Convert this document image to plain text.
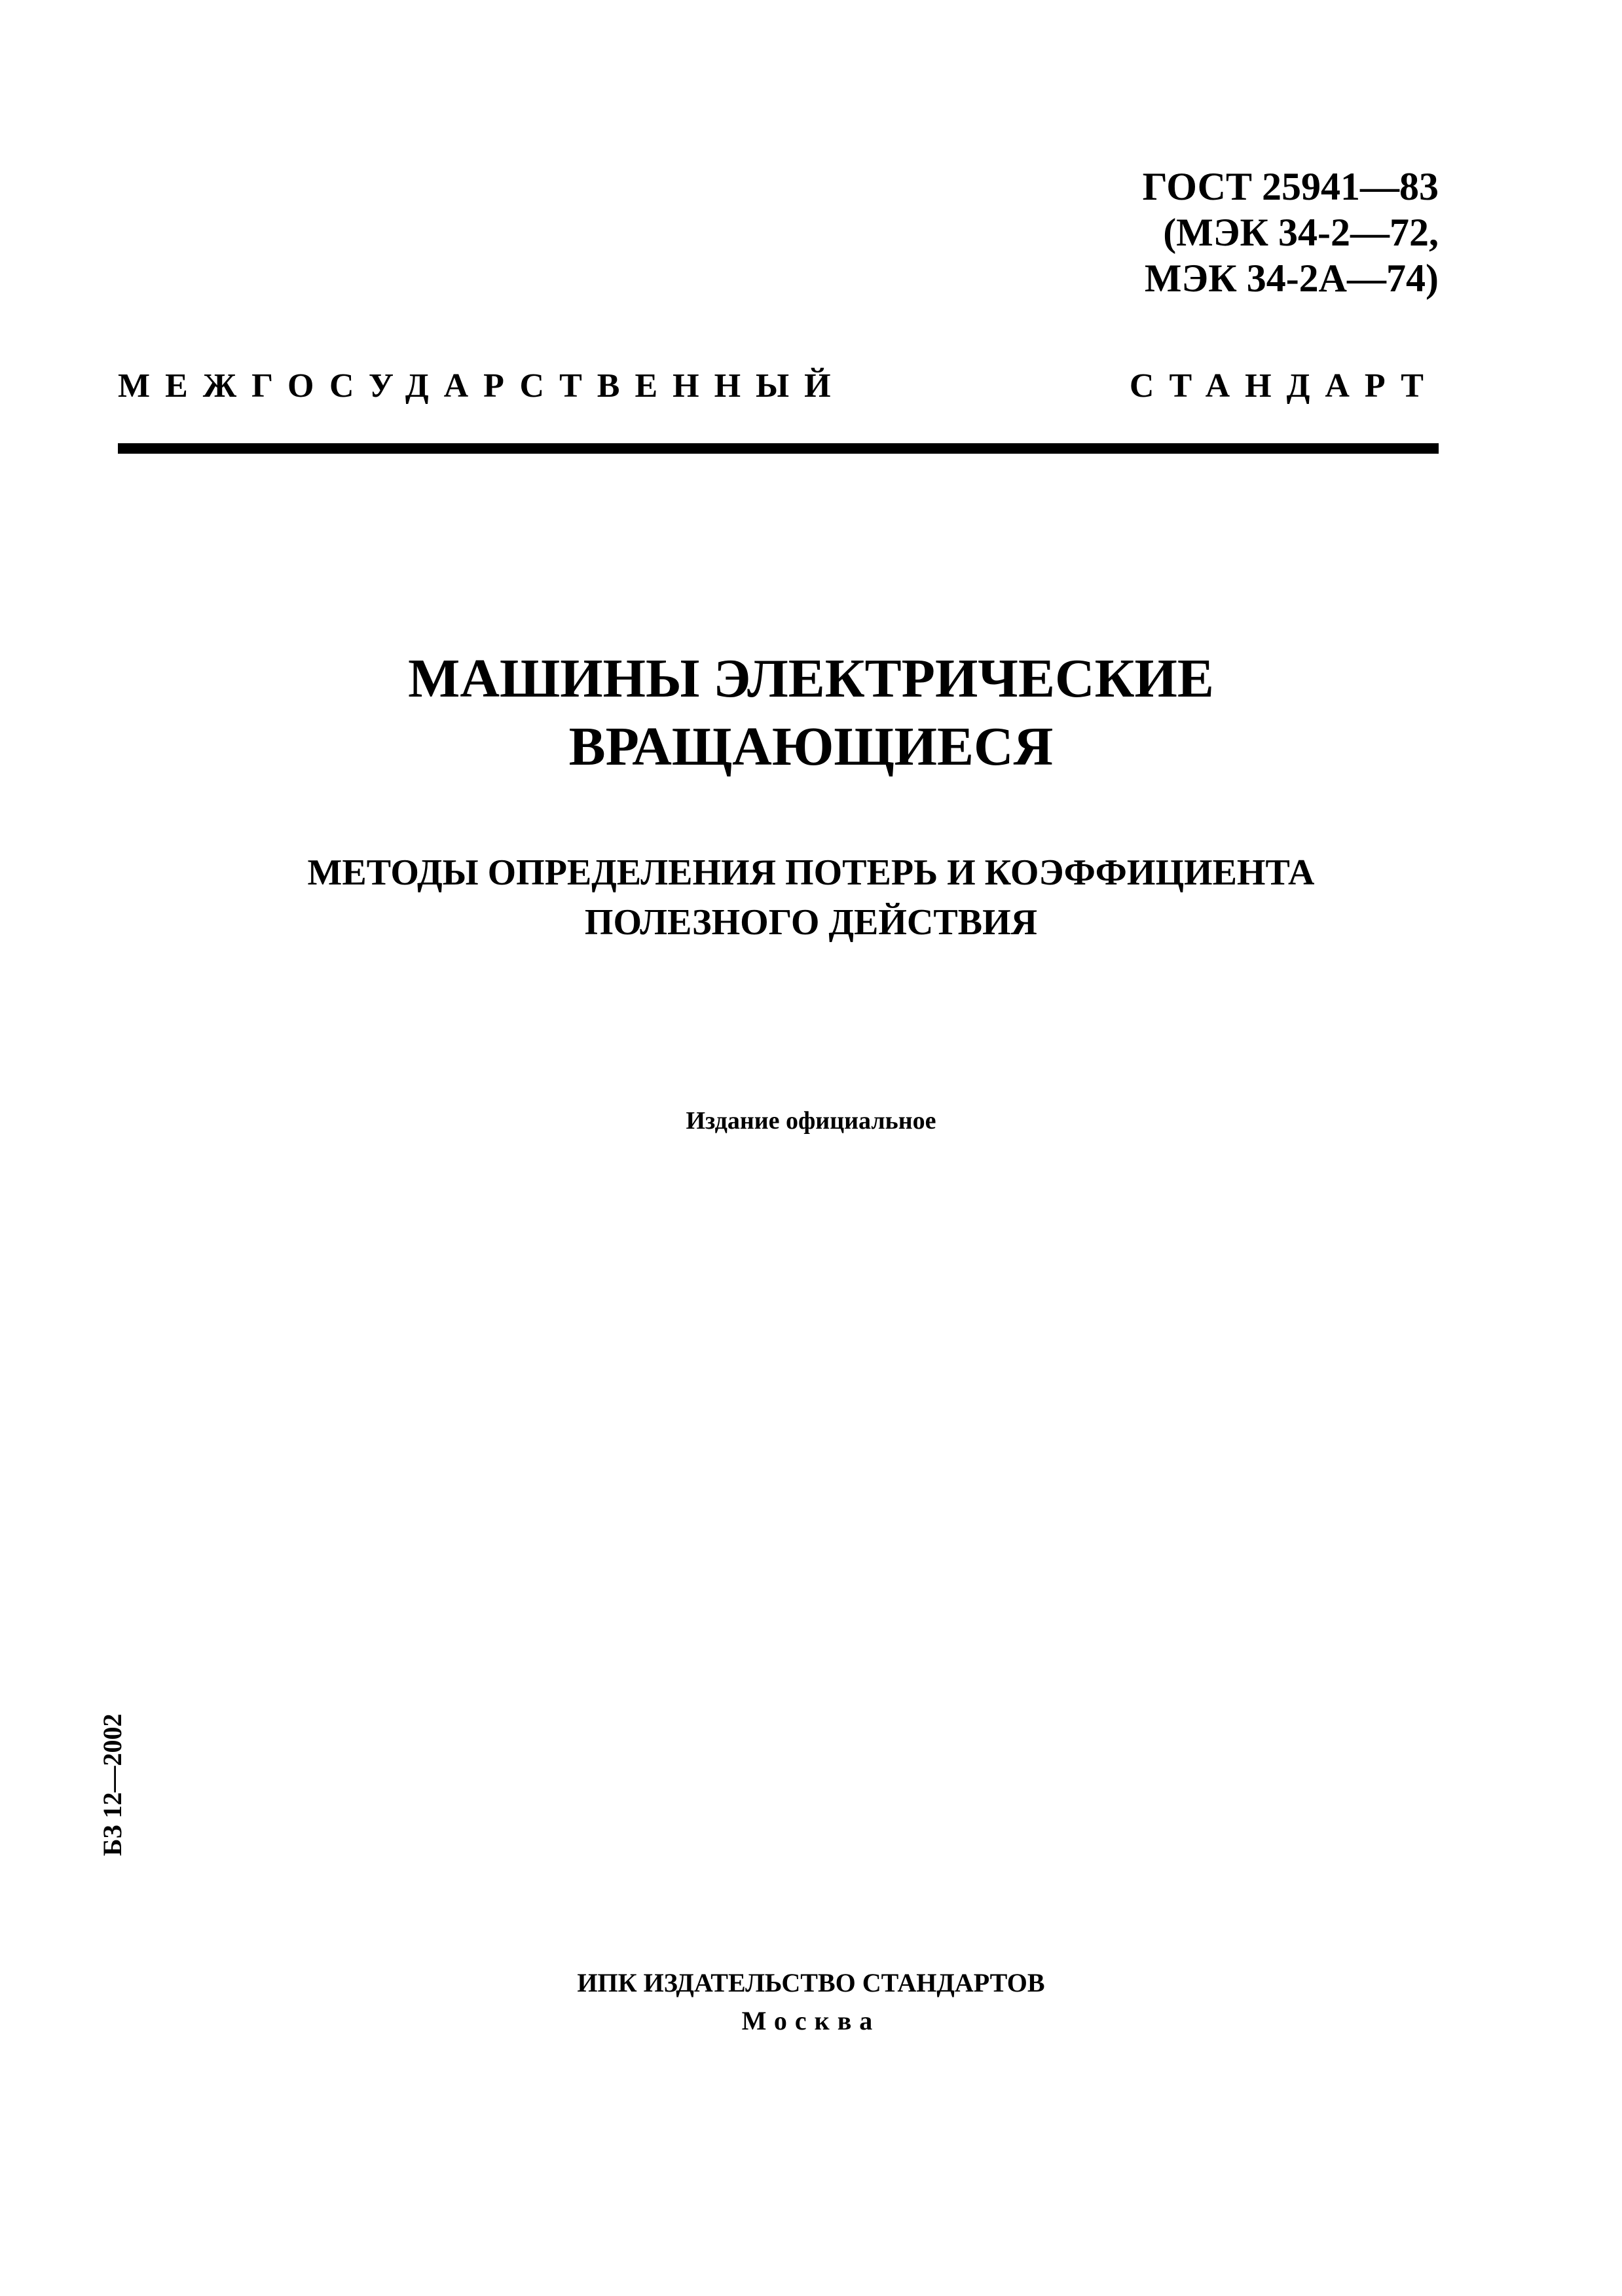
ГОСТ 25941—83
(МЭК 34-2—72,
МЭК 34-2А—74)
МЕЖГОСУДАРСТВЕННЫЙ СТАНДАРТ
МАШИНЫ ЭЛЕКТРИЧЕСКИЕ
ВРАЩАЮЩИЕСЯ
МЕТОДЫ ОПРЕДЕЛЕНИЯ ПОТЕРЬ И КОЭФФИЦИЕНТА
ПОЛЕЗНОГО ДЕЙСТВИЯ
Издание официальное
БЗ 12—2002
ИПК ИЗДАТЕЛЬСТВО СТАНДАРТОВ
Москва
